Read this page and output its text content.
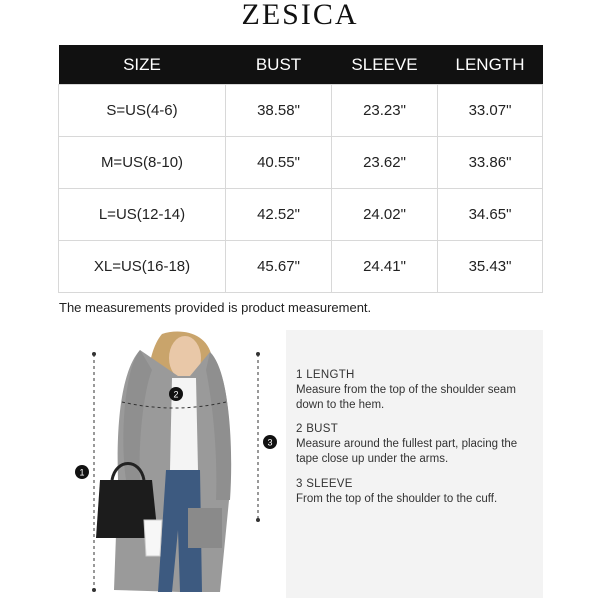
ZESICA
SIZE	BUST	SLEEVE	LENGTH
S=US(4-6)	38.58"	23.23"	33.07"
M=US(8-10)	40.55"	23.62"	33.86"
L=US(12-14)	42.52"	24.02"	34.65"
XL=US(16-18)	45.67"	24.41"	35.43"
The measurements provided is product measurement.
1
2
3
1 LENGTH
Measure from the top of the shoulder seam down to the hem.
2 BUST
Measure around the fullest part, placing the tape close up under the arms.
3 SLEEVE
From the top of the shoulder to the cuff.
